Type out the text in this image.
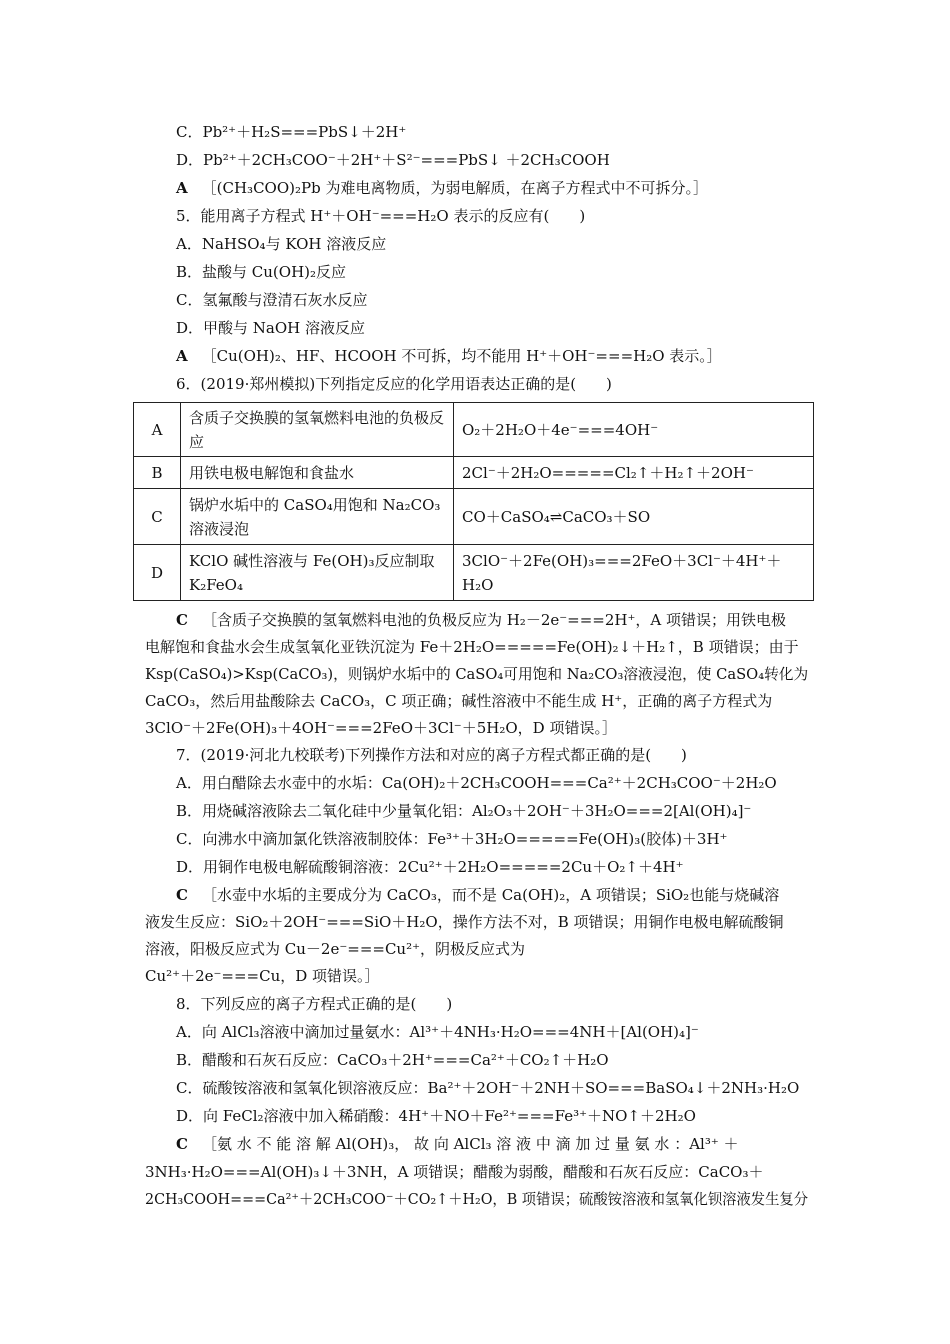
C．Pb²⁺＋H₂S===PbS↓＋2H⁺
D．Pb²⁺＋2CH₃COO⁻＋2H⁺＋S²⁻===PbS↓ ＋2CH₃COOH
A ［(CH₃COO)₂Pb 为难电离物质，为弱电解质，在离子方程式中不可拆分。］
5．能用离子方程式 H⁺＋OH⁻===H₂O 表示的反应有(　　)
A．NaHSO₄与 KOH 溶液反应
B．盐酸与 Cu(OH)₂反应
C．氢氟酸与澄清石灰水反应
D．甲酸与 NaOH 溶液反应
A ［Cu(OH)₂、HF、HCOOH 不可拆，均不能用 H⁺＋OH⁻===H₂O 表示。］
6．(2019·郑州模拟)下列指定反应的化学用语表达正确的是(　　)
A	含质子交换膜的氢氧燃料电池的负极反应	O₂＋2H₂O＋4e⁻===4OH⁻
B	用铁电极电解饱和食盐水	2Cl⁻＋2H₂O=====Cl₂↑＋H₂↑＋2OH⁻
C	锅炉水垢中的 CaSO₄用饱和 Na₂CO₃溶液浸泡	CO＋CaSO₄⇌CaCO₃＋SO
D	KClO 碱性溶液与 Fe(OH)₃反应制取 K₂FeO₄	3ClO⁻＋2Fe(OH)₃===2FeO＋3Cl⁻＋4H⁺＋H₂O
C ［含质子交换膜的氢氧燃料电池的负极反应为 H₂－2e⁻===2H⁺，A 项错误；用铁电极
电解饱和食盐水会生成氢氧化亚铁沉淀为 Fe＋2H₂O=====Fe(OH)₂↓＋H₂↑，B 项错误；由于
Ksp(CaSO₄)>Ksp(CaCO₃)，则锅炉水垢中的 CaSO₄可用饱和 Na₂CO₃溶液浸泡，使 CaSO₄转化为
CaCO₃，然后用盐酸除去 CaCO₃，C 项正确；碱性溶液中不能生成 H⁺，正确的离子方程式为
3ClO⁻＋2Fe(OH)₃＋4OH⁻===2FeO＋3Cl⁻＋5H₂O，D 项错误。］
7．(2019·河北九校联考)下列操作方法和对应的离子方程式都正确的是(　　)
A．用白醋除去水壶中的水垢：Ca(OH)₂＋2CH₃COOH===Ca²⁺＋2CH₃COO⁻＋2H₂O
B．用烧碱溶液除去二氧化硅中少量氧化铝：Al₂O₃＋2OH⁻＋3H₂O===2[Al(OH)₄]⁻
C．向沸水中滴加氯化铁溶液制胶体：Fe³⁺＋3H₂O=====Fe(OH)₃(胶体)＋3H⁺
D．用铜作电极电解硫酸铜溶液：2Cu²⁺＋2H₂O=====2Cu＋O₂↑＋4H⁺
C ［水壶中水垢的主要成分为 CaCO₃，而不是 Ca(OH)₂，A 项错误；SiO₂也能与烧碱溶
液发生反应：SiO₂＋2OH⁻===SiO＋H₂O，操作方法不对，B 项错误；用铜作电极电解硫酸铜
溶液，阳极反应式为 Cu－2e⁻===Cu²⁺，阴极反应式为
Cu²⁺＋2e⁻===Cu，D 项错误。］
8．下列反应的离子方程式正确的是(　　)
A．向 AlCl₃溶液中滴加过量氨水：Al³⁺＋4NH₃·H₂O===4NH＋[Al(OH)₄]⁻
B．醋酸和石灰石反应：CaCO₃＋2H⁺===Ca²⁺＋CO₂↑＋H₂O
C．硫酸铵溶液和氢氧化钡溶液反应：Ba²⁺＋2OH⁻＋2NH＋SO===BaSO₄↓＋2NH₃·H₂O
D．向 FeCl₂溶液中加入稀硝酸：4H⁺＋NO＋Fe²⁺===Fe³⁺＋NO↑＋2H₂O
C ［氨 水 不 能 溶 解 Al(OH)₃， 故 向 AlCl₃ 溶 液 中 滴 加 过 量 氨 水 ：Al³⁺ ＋
3NH₃·H₂O===Al(OH)₃↓＋3NH，A 项错误；醋酸为弱酸，醋酸和石灰石反应：CaCO₃＋
2CH₃COOH===Ca²⁺＋2CH₃COO⁻＋CO₂↑＋H₂O，B 项错误；硫酸铵溶液和氢氧化钡溶液发生复分
